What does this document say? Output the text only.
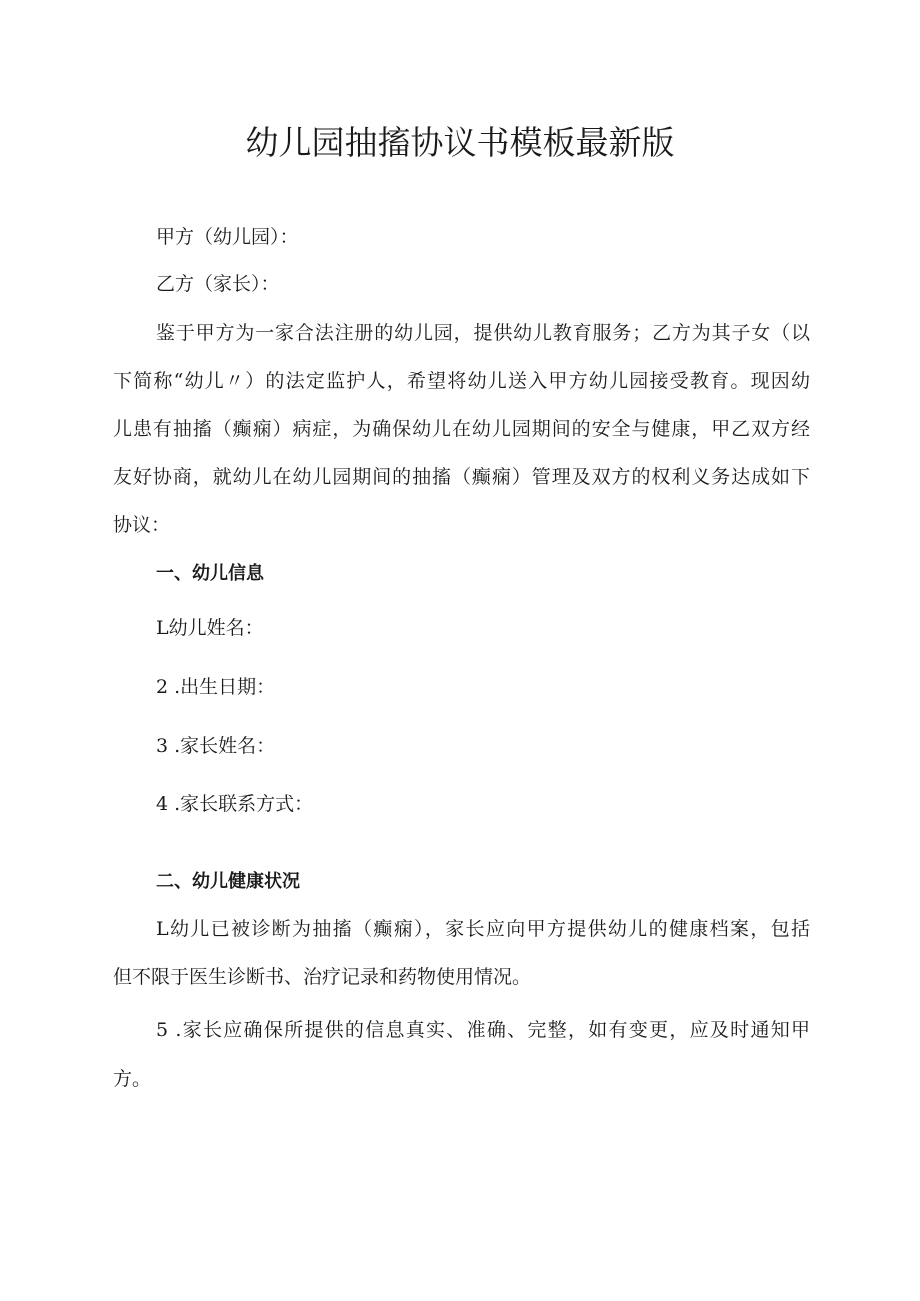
幼儿园抽搐协议书模板最新版

甲方（幼儿园）：

乙方（家长）：

鉴于甲方为一家合法注册的幼儿园，提供幼儿教育服务；乙方为其子女（以

下简称“幼儿〃）的法定监护人，希望将幼儿送入甲方幼儿园接受教育。现因幼

儿患有抽搐（癫痫）病症，为确保幼儿在幼儿园期间的安全与健康，甲乙双方经

友好协商，就幼儿在幼儿园期间的抽搐（癫痫）管理及双方的权利义务达成如下

协议：

一、幼儿信息

L幼儿姓名：

2 .出生日期：

3 .家长姓名：

4 .家长联系方式：

二、幼儿健康状况

L幼儿已被诊断为抽搐（癫痫），家长应向甲方提供幼儿的健康档案，包括

但不限于医生诊断书、治疗记录和药物使用情况。

5 .家长应确保所提供的信息真实、准确、完整，如有变更，应及时通知甲

方。
